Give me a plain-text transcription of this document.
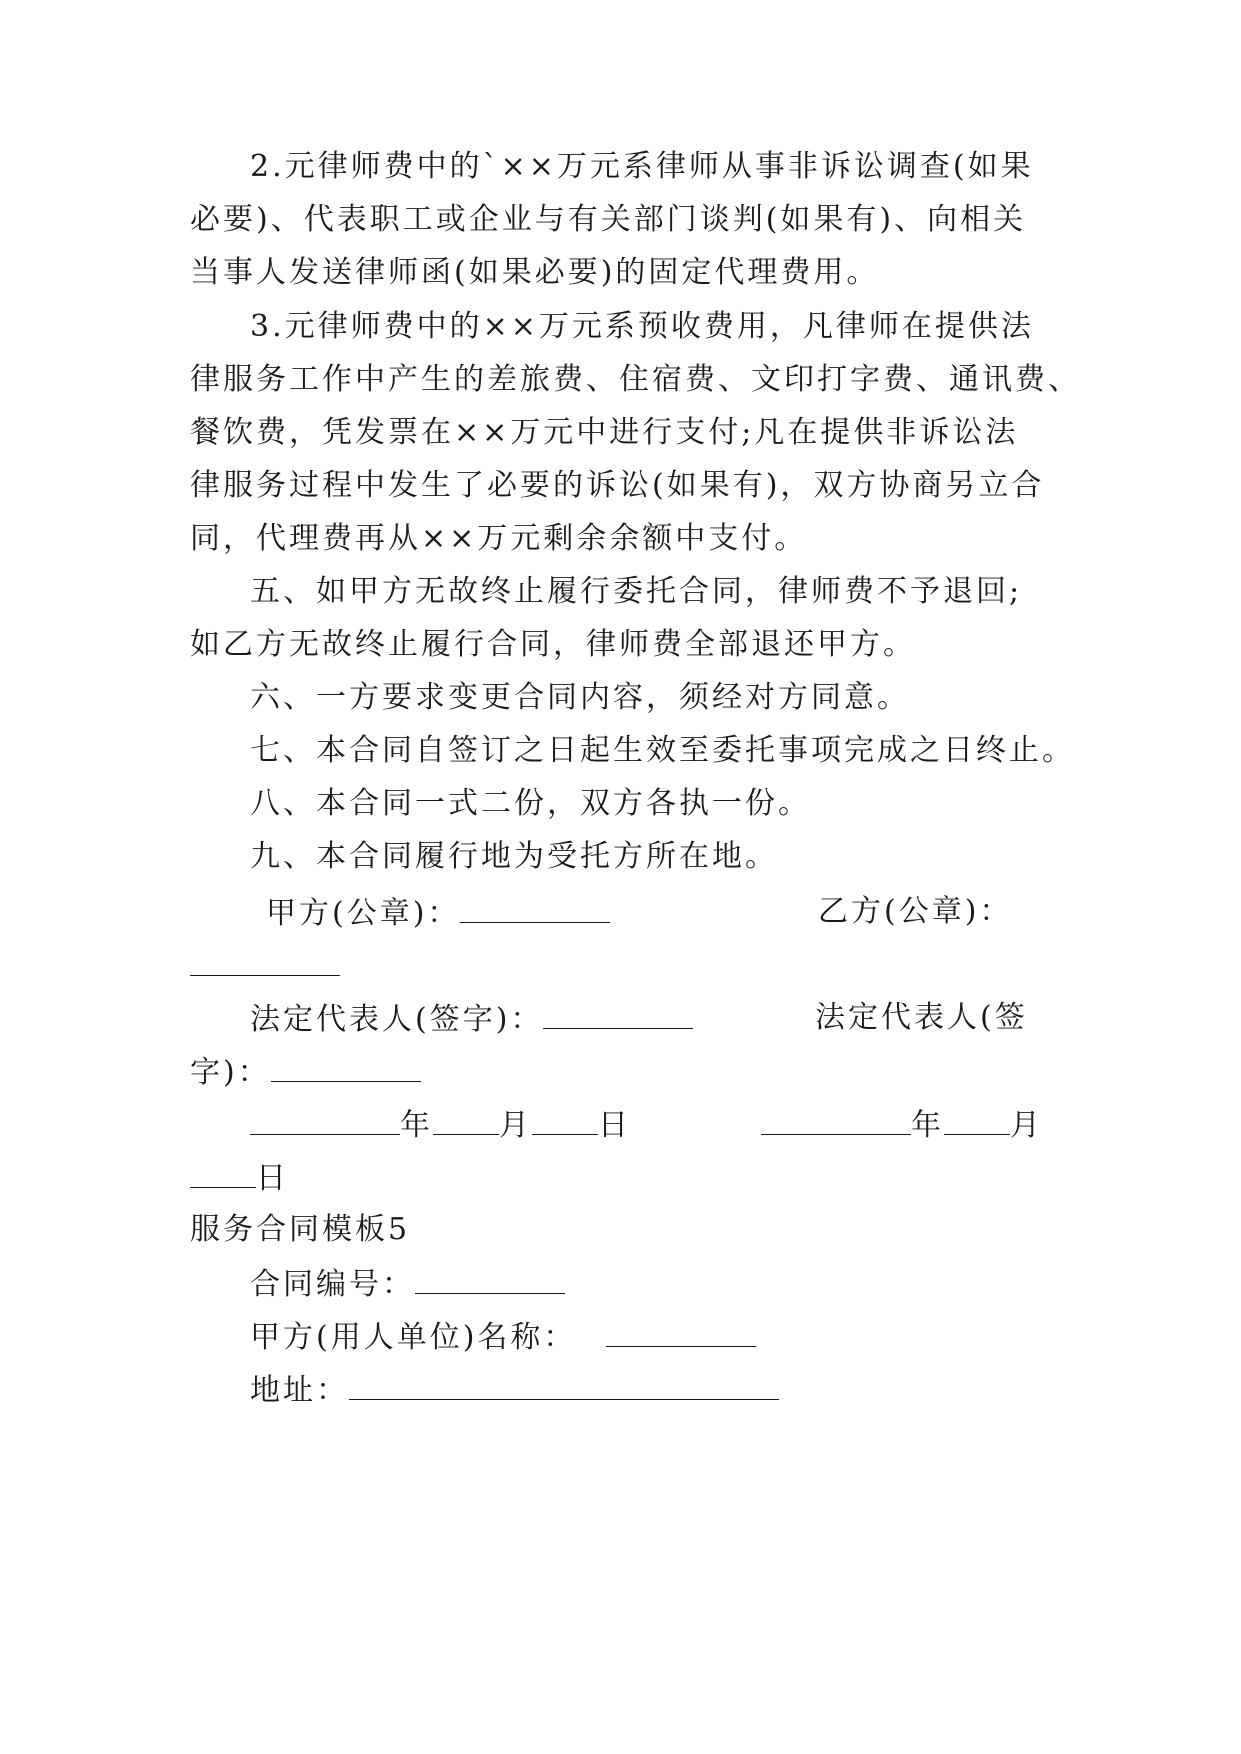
2.元律师费中的`××万元系律师从事非诉讼调查(如果

必要)、代表职工或企业与有关部门谈判(如果有)、向相关

当事人发送律师函(如果必要)的固定代理费用。

3.元律师费中的××万元系预收费用，凡律师在提供法

律服务工作中产生的差旅费、住宿费、文印打字费、通讯费、

餐饮费，凭发票在××万元中进行支付;凡在提供非诉讼法

律服务过程中发生了必要的诉讼(如果有)，双方协商另立合

同，代理费再从××万元剩余余额中支付。

五、如甲方无故终止履行委托合同，律师费不予退回;

如乙方无故终止履行合同，律师费全部退还甲方。

六、一方要求变更合同内容，须经对方同意。

七、本合同自签订之日起生效至委托事项完成之日终止。

八、本合同一式二份，双方各执一份。

九、本合同履行地为受托方所在地。

甲方(公章)：	乙方(公章)：
法定代表人(签字)：	法定代表人(签
字)：
年 月 日	年 月
日

服务合同模板5

合同编号：
甲方(用人单位)名称：
地址：
